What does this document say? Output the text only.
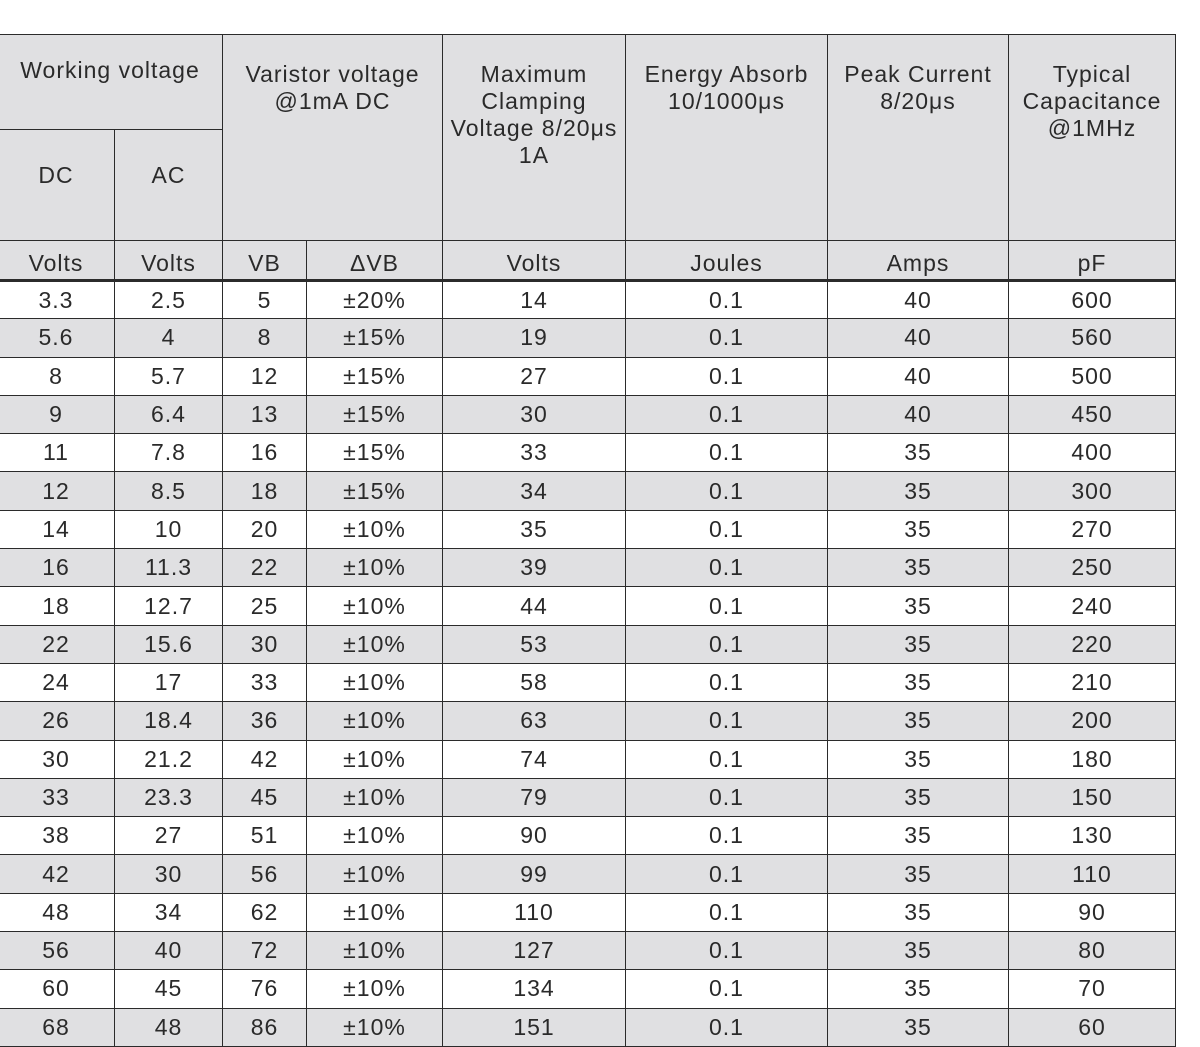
Working voltage		Varistor voltage @1mA DC		Maximum Clamping Voltage 8/20μs 1A	Energy Absorb 10/1000μs	Peak Current 8/20μs	Typical Capacitance @1MHz
DC	AC						
Volts	Volts	VB	ΔVB	Volts	Joules	Amps	pF
3.3	2.5	5	±20%	14	0.1	40	600
5.6	4	8	±15%	19	0.1	40	560
8	5.7	12	±15%	27	0.1	40	500
9	6.4	13	±15%	30	0.1	40	450
11	7.8	16	±15%	33	0.1	35	400
12	8.5	18	±15%	34	0.1	35	300
14	10	20	±10%	35	0.1	35	270
16	11.3	22	±10%	39	0.1	35	250
18	12.7	25	±10%	44	0.1	35	240
22	15.6	30	±10%	53	0.1	35	220
24	17	33	±10%	58	0.1	35	210
26	18.4	36	±10%	63	0.1	35	200
30	21.2	42	±10%	74	0.1	35	180
33	23.3	45	±10%	79	0.1	35	150
38	27	51	±10%	90	0.1	35	130
42	30	56	±10%	99	0.1	35	110
48	34	62	±10%	110	0.1	35	90
56	40	72	±10%	127	0.1	35	80
60	45	76	±10%	134	0.1	35	70
68	48	86	±10%	151	0.1	35	60
